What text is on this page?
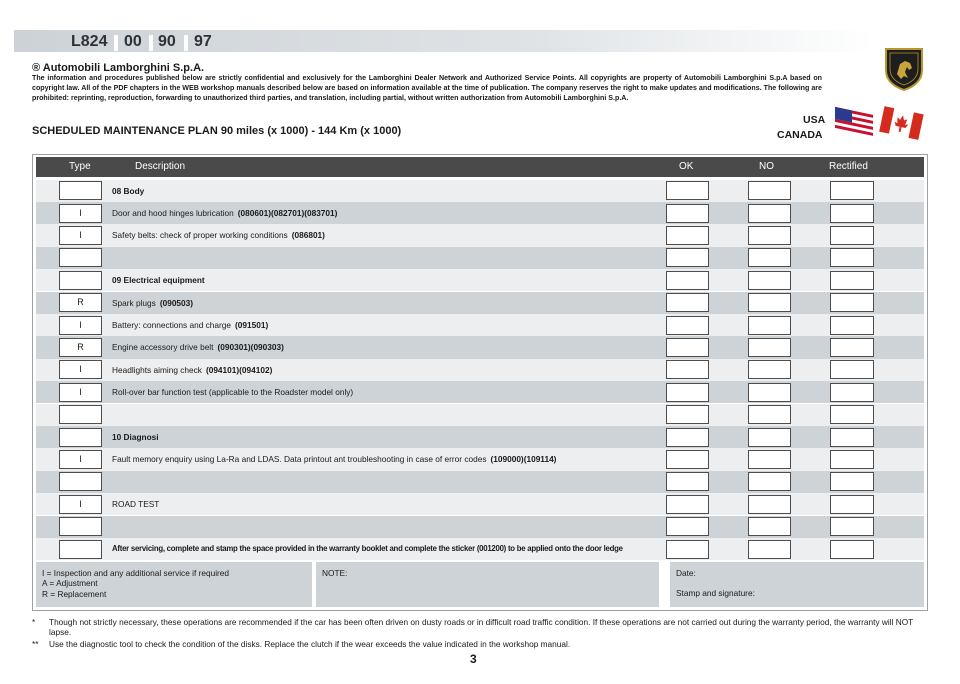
L824 00 90 97
® Automobili Lamborghini S.p.A.
The information and procedures published below are strictly confidential and exclusively for the Lamborghini Dealer Network and Authorized Service Points. All copyrights are property of Automobili Lamborghini S.p.A based on copyright law. All of the PDF chapters in the WEB workshop manuals described below are based on information available at the time of publication. The company reserves the right to make updates and modifications. The following are prohibited: reprinting, reproduction, forwarding to unauthorized third parties, and translation, including partial, without written authorization from Automobili Lamborghini S.p.A.
SCHEDULED MAINTENANCE PLAN 90 miles (x 1000) - 144 Km (x 1000)
USA
CANADA
Type	Description	OK	NO	Rectified
08 Body
I	Door and hood hinges lubrication (080601)(082701)(083701)
I	Safety belts: check of proper working conditions (086801)
09 Electrical equipment
R	Spark plugs (090503)
I	Battery: connections and charge (091501)
R	Engine accessory drive belt (090301)(090303)
I	Headlights aiming check (094101)(094102)
I	Roll-over bar function test (applicable to the Roadster model only)
10 Diagnosi
I	Fault memory enquiry using La-Ra and LDAS. Data printout ant troubleshooting in case of error codes (109000)(109114)
I	ROAD TEST
After servicing, complete and stamp the space provided in the warranty booklet and complete the sticker (001200) to be applied onto the door ledge
I = Inspection and any additional service if required
A = Adjustment
R = Replacement
NOTE:	Date:
Stamp and signature:
* Though not strictly necessary, these operations are recommended if the car has been often driven on dusty roads or in difficult road traffic condition. If these operations are not carried out during the warranty period, the warranty will NOT lapse.
** Use the diagnostic tool to check the condition of the disks. Replace the clutch if the wear exceeds the value indicated in the workshop manual.
3
